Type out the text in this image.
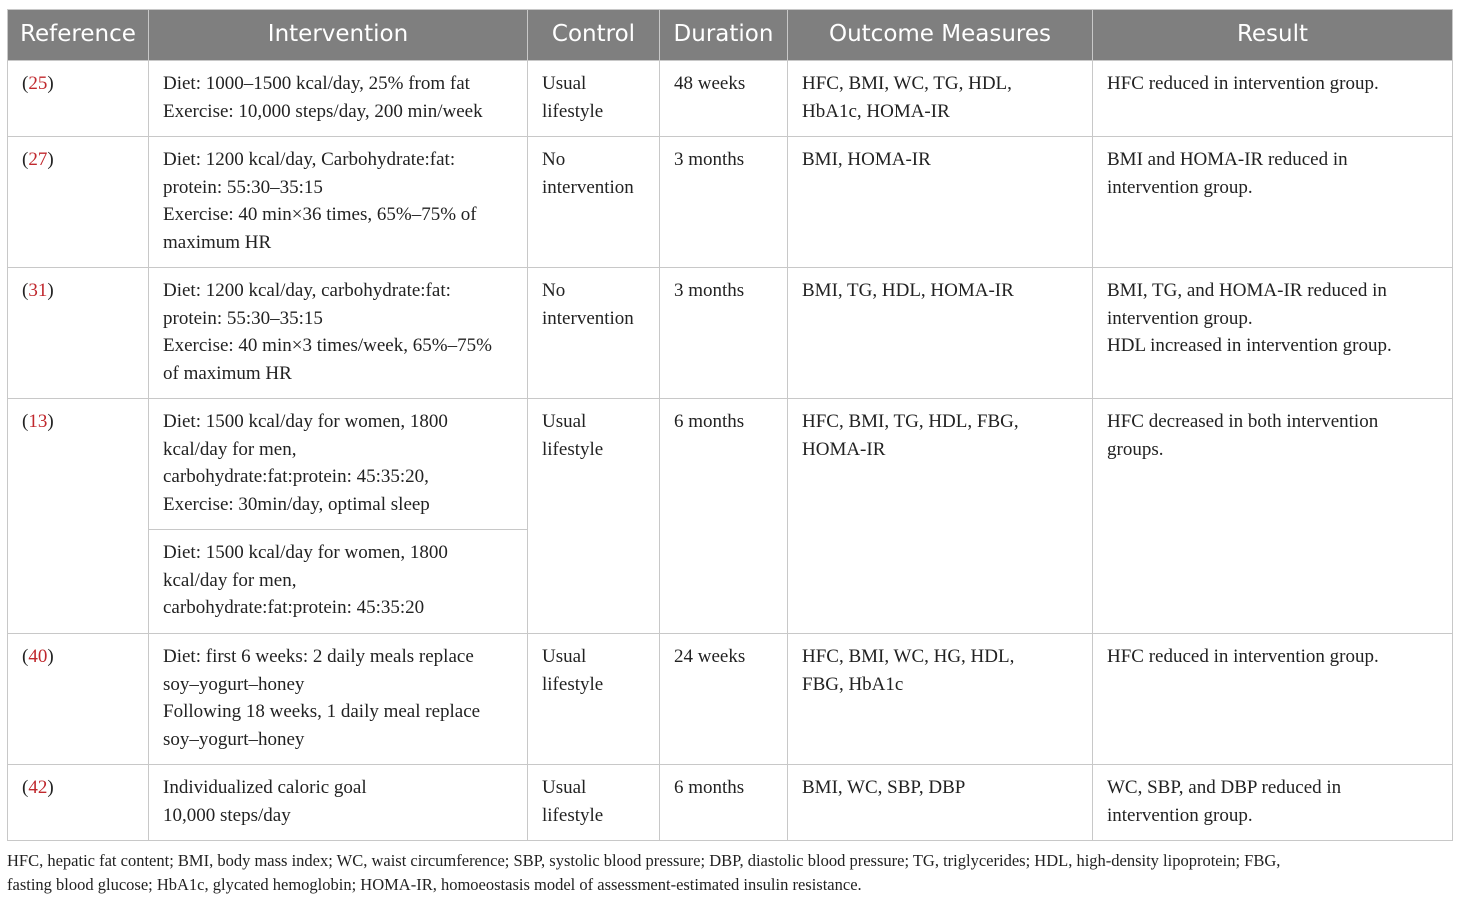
Reference	Intervention	Control	Duration	Outcome Measures	Result
(25)	Diet: 1000–1500 kcal/day, 25% from fat
Exercise: 10,000 steps/day, 200 min/week	Usual
lifestyle	48 weeks	HFC, BMI, WC, TG, HDL,
HbA1c, HOMA-IR	HFC reduced in intervention group.

(27)	Diet: 1200 kcal/day, Carbohydrate:fat:
protein: 55:30–35:15
Exercise: 40 min×36 times, 65%–75% of
maximum HR	No
intervention	3 months	BMI, HOMA-IR	BMI and HOMA-IR reduced in
intervention group.

(31)	Diet: 1200 kcal/day, carbohydrate:fat:
protein: 55:30–35:15
Exercise: 40 min×3 times/week, 65%–75%
of maximum HR	No
intervention	3 months	BMI, TG, HDL, HOMA-IR	BMI, TG, and HOMA-IR reduced in
intervention group.
HDL increased in intervention group.

(13)	Diet: 1500 kcal/day for women, 1800
kcal/day for men,
carbohydrate:fat:protein: 45:35:20,
Exercise: 30min/day, optimal sleep	Usual
lifestyle	6 months	HFC, BMI, TG, HDL, FBG,
HOMA-IR	HFC decreased in both intervention
groups.

	Diet: 1500 kcal/day for women, 1800
kcal/day for men,
carbohydrate:fat:protein: 45:35:20				

(40)	Diet: first 6 weeks: 2 daily meals replace
soy–yogurt–honey
Following 18 weeks, 1 daily meal replace
soy–yogurt–honey	Usual
lifestyle	24 weeks	HFC, BMI, WC, HG, HDL,
FBG, HbA1c	HFC reduced in intervention group.

(42)	Individualized caloric goal
10,000 steps/day	Usual
lifestyle	6 months	BMI, WC, SBP, DBP	WC, SBP, and DBP reduced in
intervention group.
HFC, hepatic fat content; BMI, body mass index; WC, waist circumference; SBP, systolic blood pressure; DBP, diastolic blood pressure; TG, triglycerides; HDL, high-density lipoprotein; FBG,
fasting blood glucose; HbA1c, glycated hemoglobin; HOMA-IR, homoeostasis model of assessment-estimated insulin resistance.
